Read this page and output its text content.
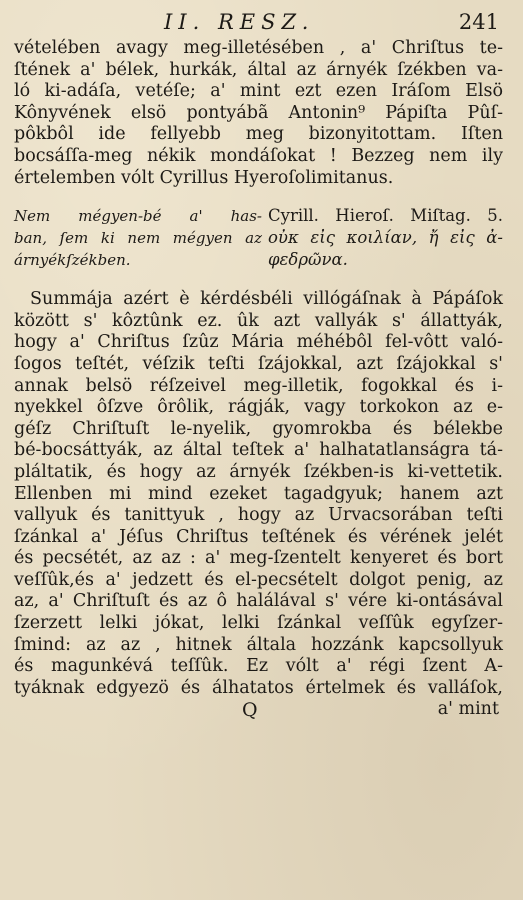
II. RESZ.	241
vételében avagy meg-illetésében , a' Chriſtus te-
ſtének a' bélek, hurkák, által az árnyék ſzékben va-
ló ki-adáſa, vetéſe; a' mint ezt ezen Iráſom Elsö
Kônyvének elsö pontyábã Antonin⁹ Pápiſta Pûſ-
pôkbôl ide fellyebb meg bizonyitottam. Iſten
bocsáſſa-meg nékik mondáſokat ! Bezzeg nem ily
értelemben vólt Cyrillus Hyeroſolimitanus.
Nem mégyen-bé a' has-
ban, ſem ki nem mégyen az
árnyékſzékben.
Cyrill. Hieroſ. Miſtag. 5.
οὐκ εἰς κοιλίαν, ἤ εἰς ἀ-
φεδρῶνα.
Summája azért è kérdésbéli villógáſnak à Pápáſok
között s' kôztûnk ez. ûk azt vallyák s' állattyák,
hogy a' Chriſtus ſzûz Mária méhébôl fel-vôtt való-
ſogos teſtét, véſzik teſti ſzájokkal, azt ſzájokkal s'
annak belsö réſzeivel meg-illetik, fogokkal és i-
nyekkel ôſzve ôrôlik, rágják, vagy torkokon az e-
géſz Chriſtuſt le-nyelik, gyomrokba és bélekbe
bé-bocsáttyák, az által teſtek a' halhatatlanságra tá-
pláltatik, és hogy az árnyék ſzékben-is ki-vettetik.
Ellenben mi mind ezeket tagadgyuk; hanem azt
vallyuk és tanittyuk , hogy az Urvacsorában teſti
ſzánkal a' Jéſus Chriſtus teſtének és vérének jelét
és pecsétét, az az : a' meg-ſzentelt kenyeret és bort
veſſûk,és a' jedzett és el-pecsételt dolgot penig, az
az, a' Chriſtuſt és az ô halálával s' vére ki-ontásával
ſzerzett lelki jókat, lelki ſzánkal veſſûk egyſzer-
ſmind: az az , hitnek általa hozzánk kapcsollyuk
és magunkévá teſſûk. Ez vólt a' régi ſzent A-
tyáknak edgyezö és álhatatos értelmek és valláſok,
Q	a' mint
